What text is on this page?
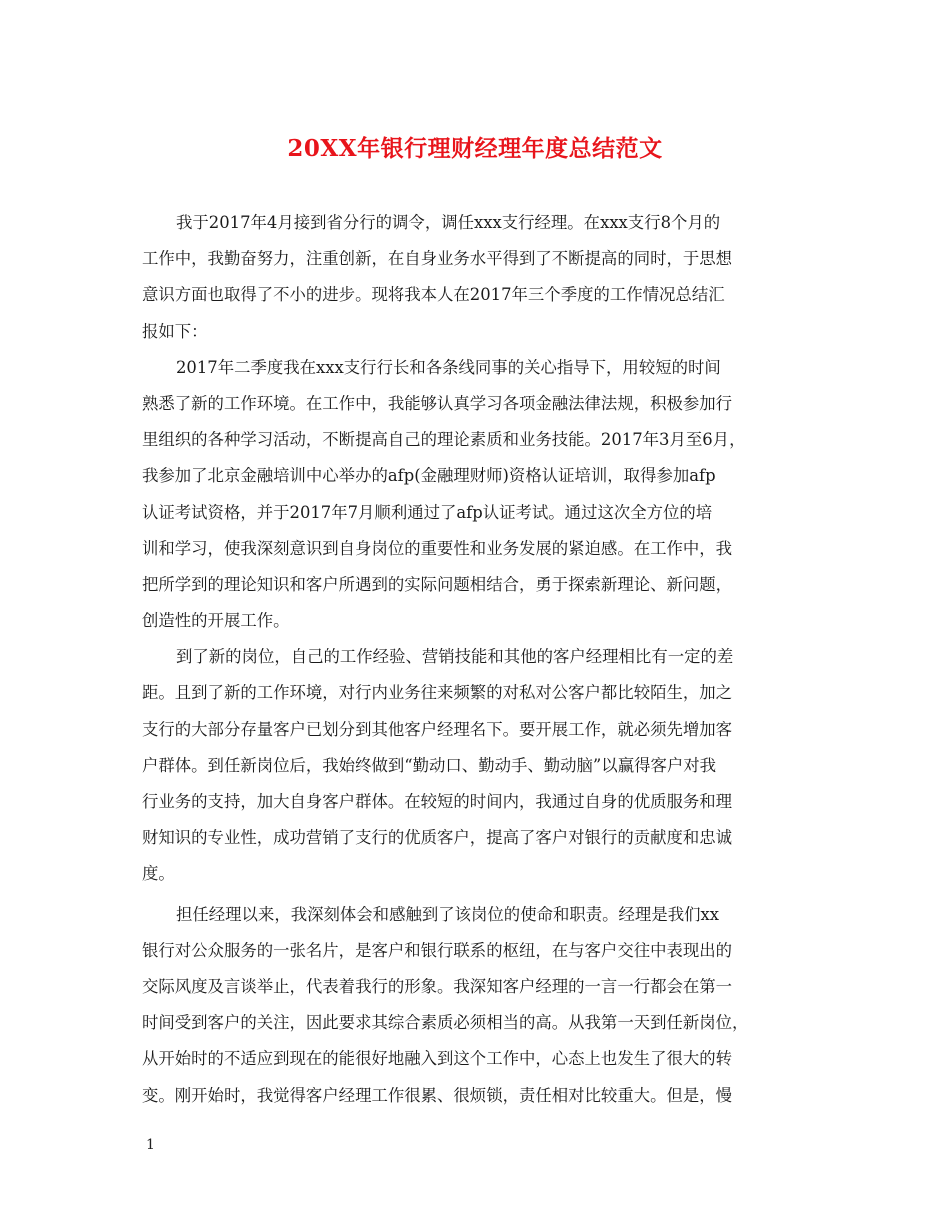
20XX年银行理财经理年度总结范文
我于2017年4月接到省分行的调令，调任xxx支行经理。在xxx支行8个月的
工作中，我勤奋努力，注重创新，在自身业务水平得到了不断提高的同时，于思想
意识方面也取得了不小的进步。现将我本人在2017年三个季度的工作情况总结汇
报如下：
2017年二季度我在xxx支行行长和各条线同事的关心指导下，用较短的时间
熟悉了新的工作环境。在工作中，我能够认真学习各项金融法律法规，积极参加行
里组织的各种学习活动，不断提高自己的理论素质和业务技能。2017年3月至6月，
我参加了北京金融培训中心举办的afp(金融理财师)资格认证培训，取得参加afp
认证考试资格，并于2017年7月顺利通过了afp认证考试。通过这次全方位的培
训和学习，使我深刻意识到自身岗位的重要性和业务发展的紧迫感。在工作中，我
把所学到的理论知识和客户所遇到的实际问题相结合，勇于探索新理论、新问题，
创造性的开展工作。
到了新的岗位，自己的工作经验、营销技能和其他的客户经理相比有一定的差
距。且到了新的工作环境，对行内业务往来频繁的对私对公客户都比较陌生，加之
支行的大部分存量客户已划分到其他客户经理名下。要开展工作，就必须先增加客
户群体。到任新岗位后，我始终做到“勤动口、勤动手、勤动脑”以赢得客户对我
行业务的支持，加大自身客户群体。在较短的时间内，我通过自身的优质服务和理
财知识的专业性，成功营销了支行的优质客户，提高了客户对银行的贡献度和忠诚
度。
担任经理以来，我深刻体会和感触到了该岗位的使命和职责。经理是我们xx
银行对公众服务的一张名片，是客户和银行联系的枢纽，在与客户交往中表现出的
交际风度及言谈举止，代表着我行的形象。我深知客户经理的一言一行都会在第一
时间受到客户的关注，因此要求其综合素质必须相当的高。从我第一天到任新岗位，
从开始时的不适应到现在的能很好地融入到这个工作中，心态上也发生了很大的转
变。刚开始时，我觉得客户经理工作很累、很烦锁，责任相对比较重大。但是，慢
1
